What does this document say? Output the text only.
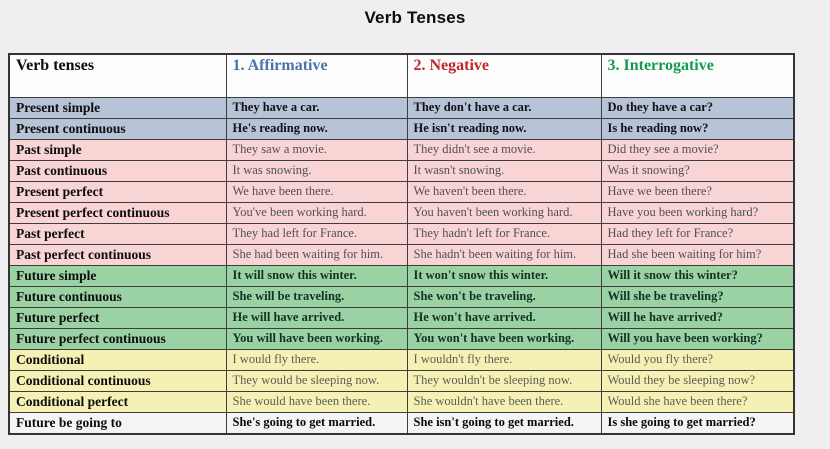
Verb Tenses
Verb tenses	1. Affirmative	2. Negative	3. Interrogative
Present simple	They have a car.	They don't have a car.	Do they have a car?
Present continuous	He's reading now.	He isn't reading now.	Is he reading now?
Past simple	They saw a movie.	They didn't see a movie.	Did they see a movie?
Past continuous	It was snowing.	It wasn't snowing.	Was it snowing?
Present perfect	We have been there.	We haven't been there.	Have we been there?
Present perfect continuous	You've been working hard.	You haven't been working hard.	Have you been working hard?
Past perfect	They had left for France.	They hadn't left for France.	Had they left for France?
Past perfect continuous	She had been waiting for him.	She hadn't been waiting for him.	Had she been waiting for him?
Future simple	It will snow this winter.	It won't snow this winter.	Will it snow this winter?
Future continuous	She will be traveling.	She won't be traveling.	Will she be traveling?
Future perfect	He will have arrived.	He won't have arrived.	Will he have arrived?
Future perfect continuous	You will have been working.	You won't have been working.	Will you have been working?
Conditional	I would fly there.	I wouldn't fly there.	Would you fly there?
Conditional continuous	They would be sleeping now.	They wouldn't be sleeping now.	Would they be sleeping now?
Conditional perfect	She would have been there.	She wouldn't have been there.	Would she have been there?
Future be going to	She's going to get married.	She isn't going to get married.	Is she going to get married?
